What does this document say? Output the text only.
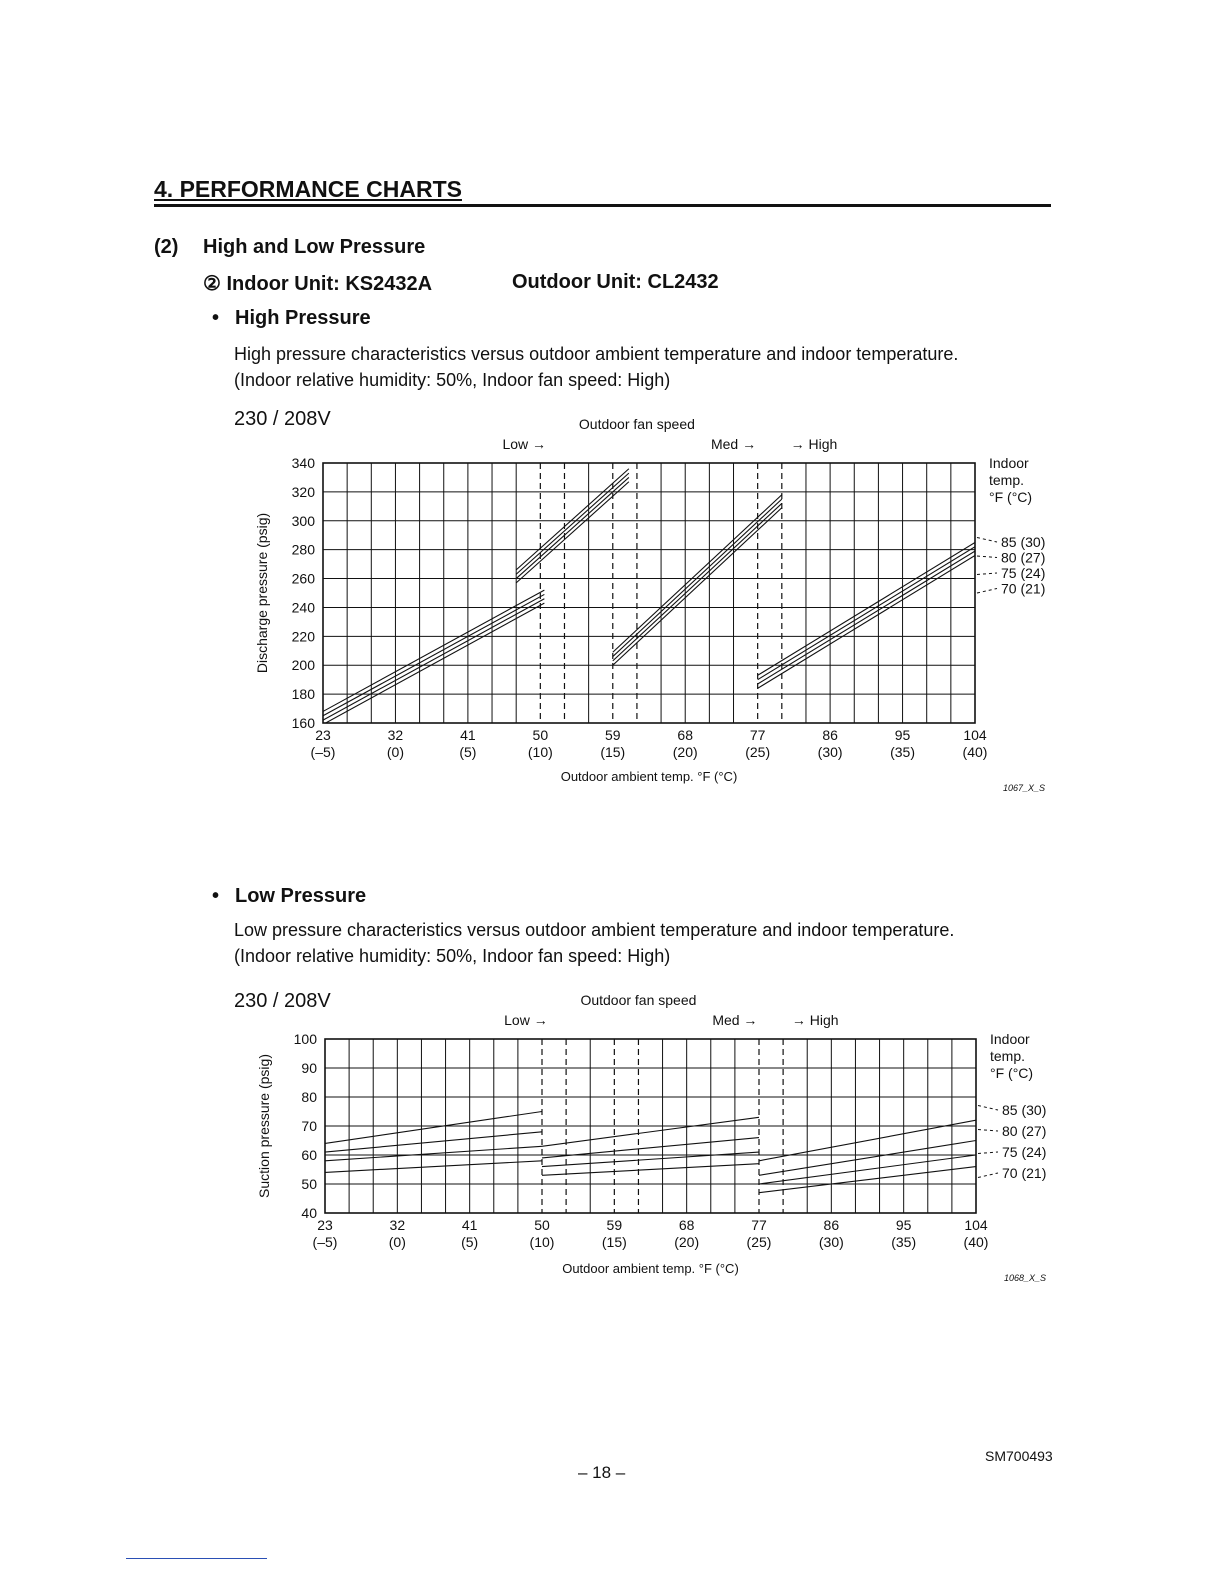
4. PERFORMANCE CHARTS
(2) High and Low Pressure
② Indoor Unit: KS2432A	Outdoor Unit: CL2432
• High Pressure
High pressure characteristics versus outdoor ambient temperature and indoor temperature.
(Indoor relative humidity: 50%, Indoor fan speed: High)
230 / 208V
160
180
200
220
240
260
280
300
320
340
23
(–5)
32
(0)
41
(5)
50
(10)
59
(15)
68
(20)
77
(25)
86
(30)
95
(35)
104
(40)
Discharge pressure (psig)
Outdoor ambient temp. °F (°C)
Outdoor fan speed
Low →	Med → → High
Indoor
temp.
°F (°C)
85 (30)
80 (27)
75 (24)
70 (21)
1067_X_S
• Low Pressure
Low pressure characteristics versus outdoor ambient temperature and indoor temperature.
(Indoor relative humidity: 50%, Indoor fan speed: High)
230 / 208V
40
50
60
70
80
90
100
23
(–5)
32
(0)
41
(5)
50
(10)
59
(15)
68
(20)
77
(25)
86
(30)
95
(35)
104
(40)
Suction pressure (psig)
Outdoor ambient temp. °F (°C)
Outdoor fan speed
Low →	Med → → High
Indoor
temp.
°F (°C)
85 (30)
80 (27)
75 (24)
70 (21)
1068_X_S
SM700493
– 18 –
